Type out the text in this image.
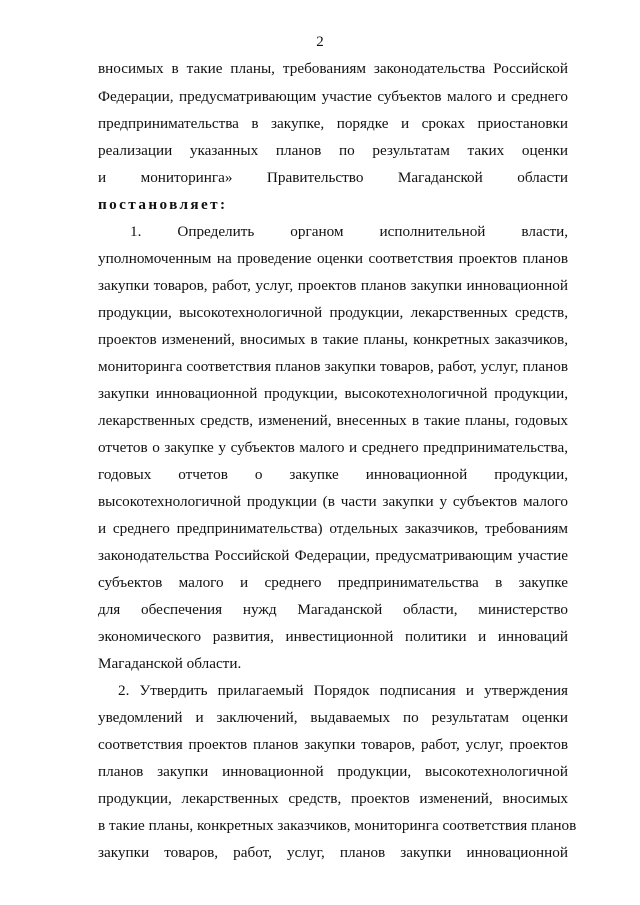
2
вносимых в такие планы, требованиям законодательства Российской
Федерации, предусматривающим участие субъектов малого и среднего
предпринимательства в закупке, порядке и сроках приостановки
реализации указанных планов по результатам таких оценки
и мониторинга» Правительство Магаданской области
постановляет:
1. Определить органом исполнительной власти,
уполномоченным на проведение оценки соответствия проектов планов
закупки товаров, работ, услуг, проектов планов закупки инновационной
продукции, высокотехнологичной продукции, лекарственных средств,
проектов изменений, вносимых в такие планы, конкретных заказчиков,
мониторинга соответствия планов закупки товаров, работ, услуг, планов
закупки инновационной продукции, высокотехнологичной продукции,
лекарственных средств, изменений, внесенных в такие планы, годовых
отчетов о закупке у субъектов малого и среднего предпринимательства,
годовых отчетов о закупке инновационной продукции,
высокотехнологичной продукции (в части закупки у субъектов малого
и среднего предпринимательства) отдельных заказчиков, требованиям
законодательства Российской Федерации, предусматривающим участие
субъектов малого и среднего предпринимательства в закупке
для обеспечения нужд Магаданской области, министерство
экономического развития, инвестиционной политики и инноваций
Магаданской области.
2. Утвердить прилагаемый Порядок подписания и утверждения
уведомлений и заключений, выдаваемых по результатам оценки
соответствия проектов планов закупки товаров, работ, услуг, проектов
планов закупки инновационной продукции, высокотехнологичной
продукции, лекарственных средств, проектов изменений, вносимых
в такие планы, конкретных заказчиков, мониторинга соответствия планов
закупки товаров, работ, услуг, планов закупки инновационной
